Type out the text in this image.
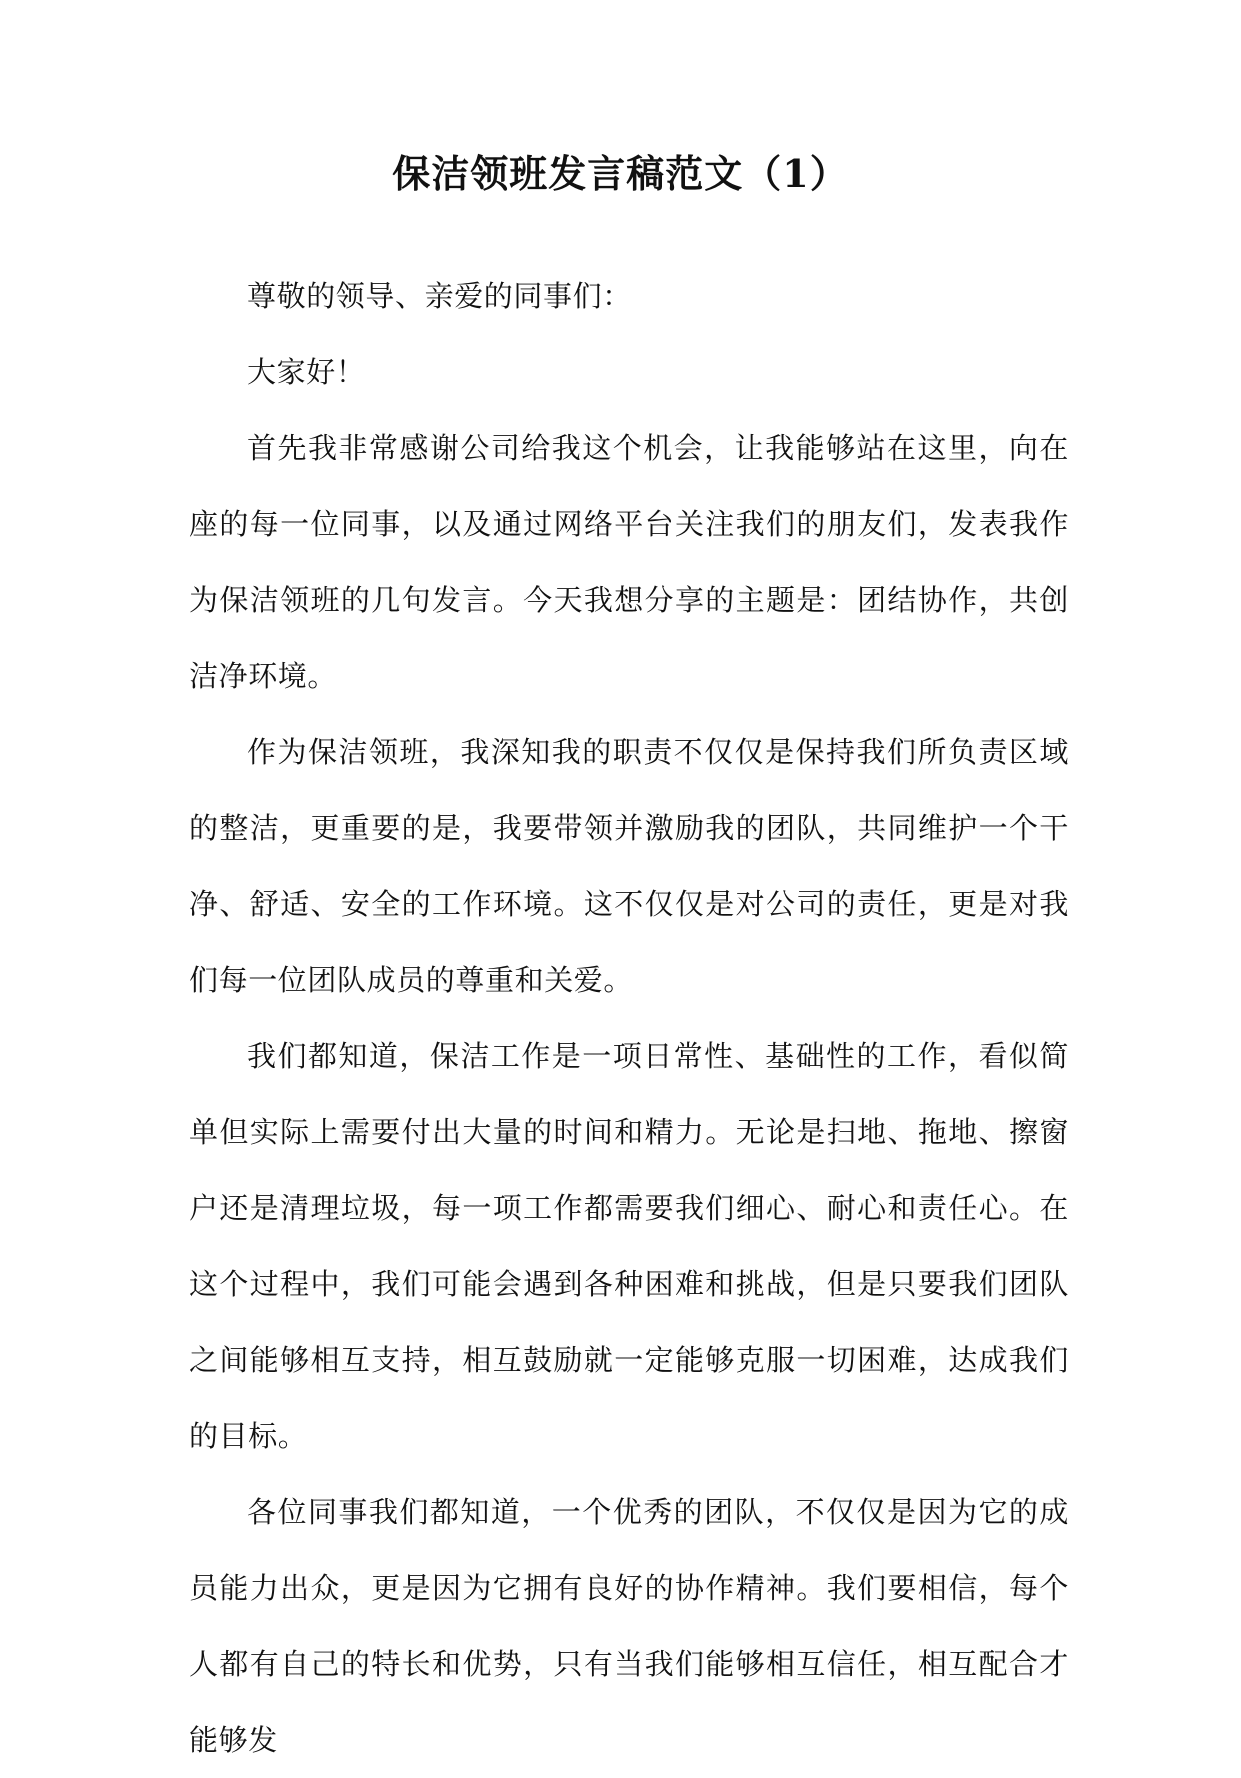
保洁领班发言稿范文（1）

尊敬的领导、亲爱的同事们：

大家好！

首先我非常感谢公司给我这个机会，让我能够站在这里，向在座的每一位同事，以及通过网络平台关注我们的朋友们，发表我作为保洁领班的几句发言。今天我想分享的主题是：团结协作，共创洁净环境。

作为保洁领班，我深知我的职责不仅仅是保持我们所负责区域的整洁，更重要的是，我要带领并激励我的团队，共同维护一个干净、舒适、安全的工作环境。这不仅仅是对公司的责任，更是对我们每一位团队成员的尊重和关爱。

我们都知道，保洁工作是一项日常性、基础性的工作，看似简单但实际上需要付出大量的时间和精力。无论是扫地、拖地、擦窗户还是清理垃圾，每一项工作都需要我们细心、耐心和责任心。在这个过程中，我们可能会遇到各种困难和挑战，但是只要我们团队之间能够相互支持，相互鼓励就一定能够克服一切困难，达成我们的目标。

各位同事我们都知道，一个优秀的团队，不仅仅是因为它的成员能力出众，更是因为它拥有良好的协作精神。我们要相信，每个人都有自己的特长和优势，只有当我们能够相互信任，相互配合才能够发
